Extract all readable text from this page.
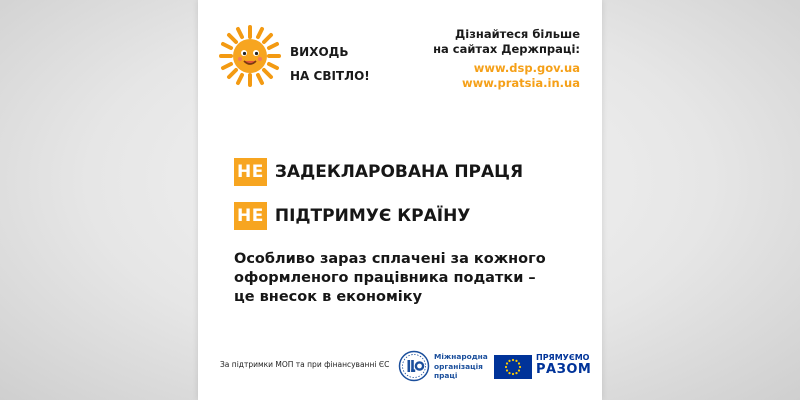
ВИХОДЬ
НА СВІТЛО!
Дізнайтеся більше
на сайтах Держпраці:
www.dsp.gov.ua
www.pratsia.in.ua
НЕ ЗАДЕКЛАРОВАНА ПРАЦЯ
НЕ ПІДТРИМУЄ КРАЇНУ
Особливо зараз сплачені за кожного
оформленого працівника податки –
це внесок в економіку
За підтримки МОП та при фінансуванні ЄС
Міжнародна
організація
праці
ПРЯМУЄМО
РАЗОМ
